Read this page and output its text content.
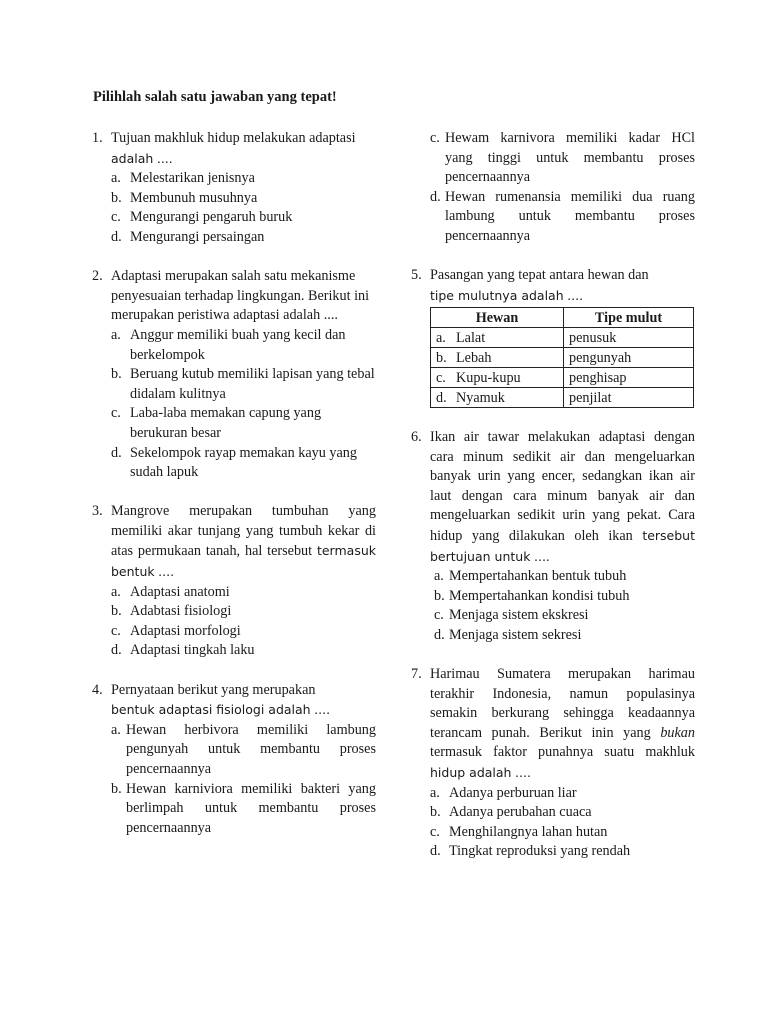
Pilihlah salah satu jawaban yang tepat!
1. Tujuan makhluk hidup melakukan adaptasi
adalah ....
a. Melestarikan jenisnya
b. Membunuh musuhnya
c. Mengurangi pengaruh buruk
d. Mengurangi persaingan
2. Adaptasi merupakan salah satu mekanisme penyesuaian terhadap lingkungan. Berikut ini merupakan peristiwa adaptasi adalah ....
a. Anggur memiliki buah yang kecil dan berkelompok
b. Beruang kutub memiliki lapisan yang tebal didalam kulitnya
c. Laba-laba memakan capung yang berukuran besar
d. Sekelompok rayap memakan kayu yang sudah lapuk
3. Mangrove merupakan tumbuhan yang memiliki akar tunjang yang tumbuh kekar di atas permukaan tanah, hal tersebut termasuk bentuk ....
a. Adaptasi anatomi
b. Adabtasi fisiologi
c. Adaptasi morfologi
d. Adaptasi tingkah laku
4. Pernyataan berikut yang merupakan
bentuk adaptasi fisiologi adalah ....
a. Hewan herbivora memiliki lambung pengunyah untuk membantu proses pencernaannya
b. Hewan karniviora memiliki bakteri yang berlimpah untuk membantu proses pencernaannya
c. Hewam karnivora memiliki kadar HCl yang tinggi untuk membantu proses pencernaannya
d. Hewan rumenansia memiliki dua ruang lambung untuk membantu proses pencernaannya
5. Pasangan yang tepat antara hewan dan
tipe mulutnya adalah ....
Hewan	Tipe mulut
a. Lalat	penusuk
b. Lebah	pengunyah
c. Kupu-kupu	penghisap
d. Nyamuk	penjilat
6. Ikan air tawar melakukan adaptasi dengan cara minum sedikit air dan mengeluarkan banyak urin yang encer, sedangkan ikan air laut dengan cara minum banyak air dan mengeluarkan sedikit urin yang pekat. Cara hidup yang dilakukan oleh ikan tersebut bertujuan untuk ....
a. Mempertahankan bentuk tubuh
b. Mempertahankan kondisi tubuh
c. Menjaga sistem ekskresi
d. Menjaga sistem sekresi
7. Harimau Sumatera merupakan harimau terakhir Indonesia, namun populasinya semakin berkurang sehingga keadaannya terancam punah. Berikut inin yang bukan termasuk faktor punahnya suatu makhluk hidup adalah ....
a. Adanya perburuan liar
b. Adanya perubahan cuaca
c. Menghilangnya lahan hutan
d. Tingkat reproduksi yang rendah
